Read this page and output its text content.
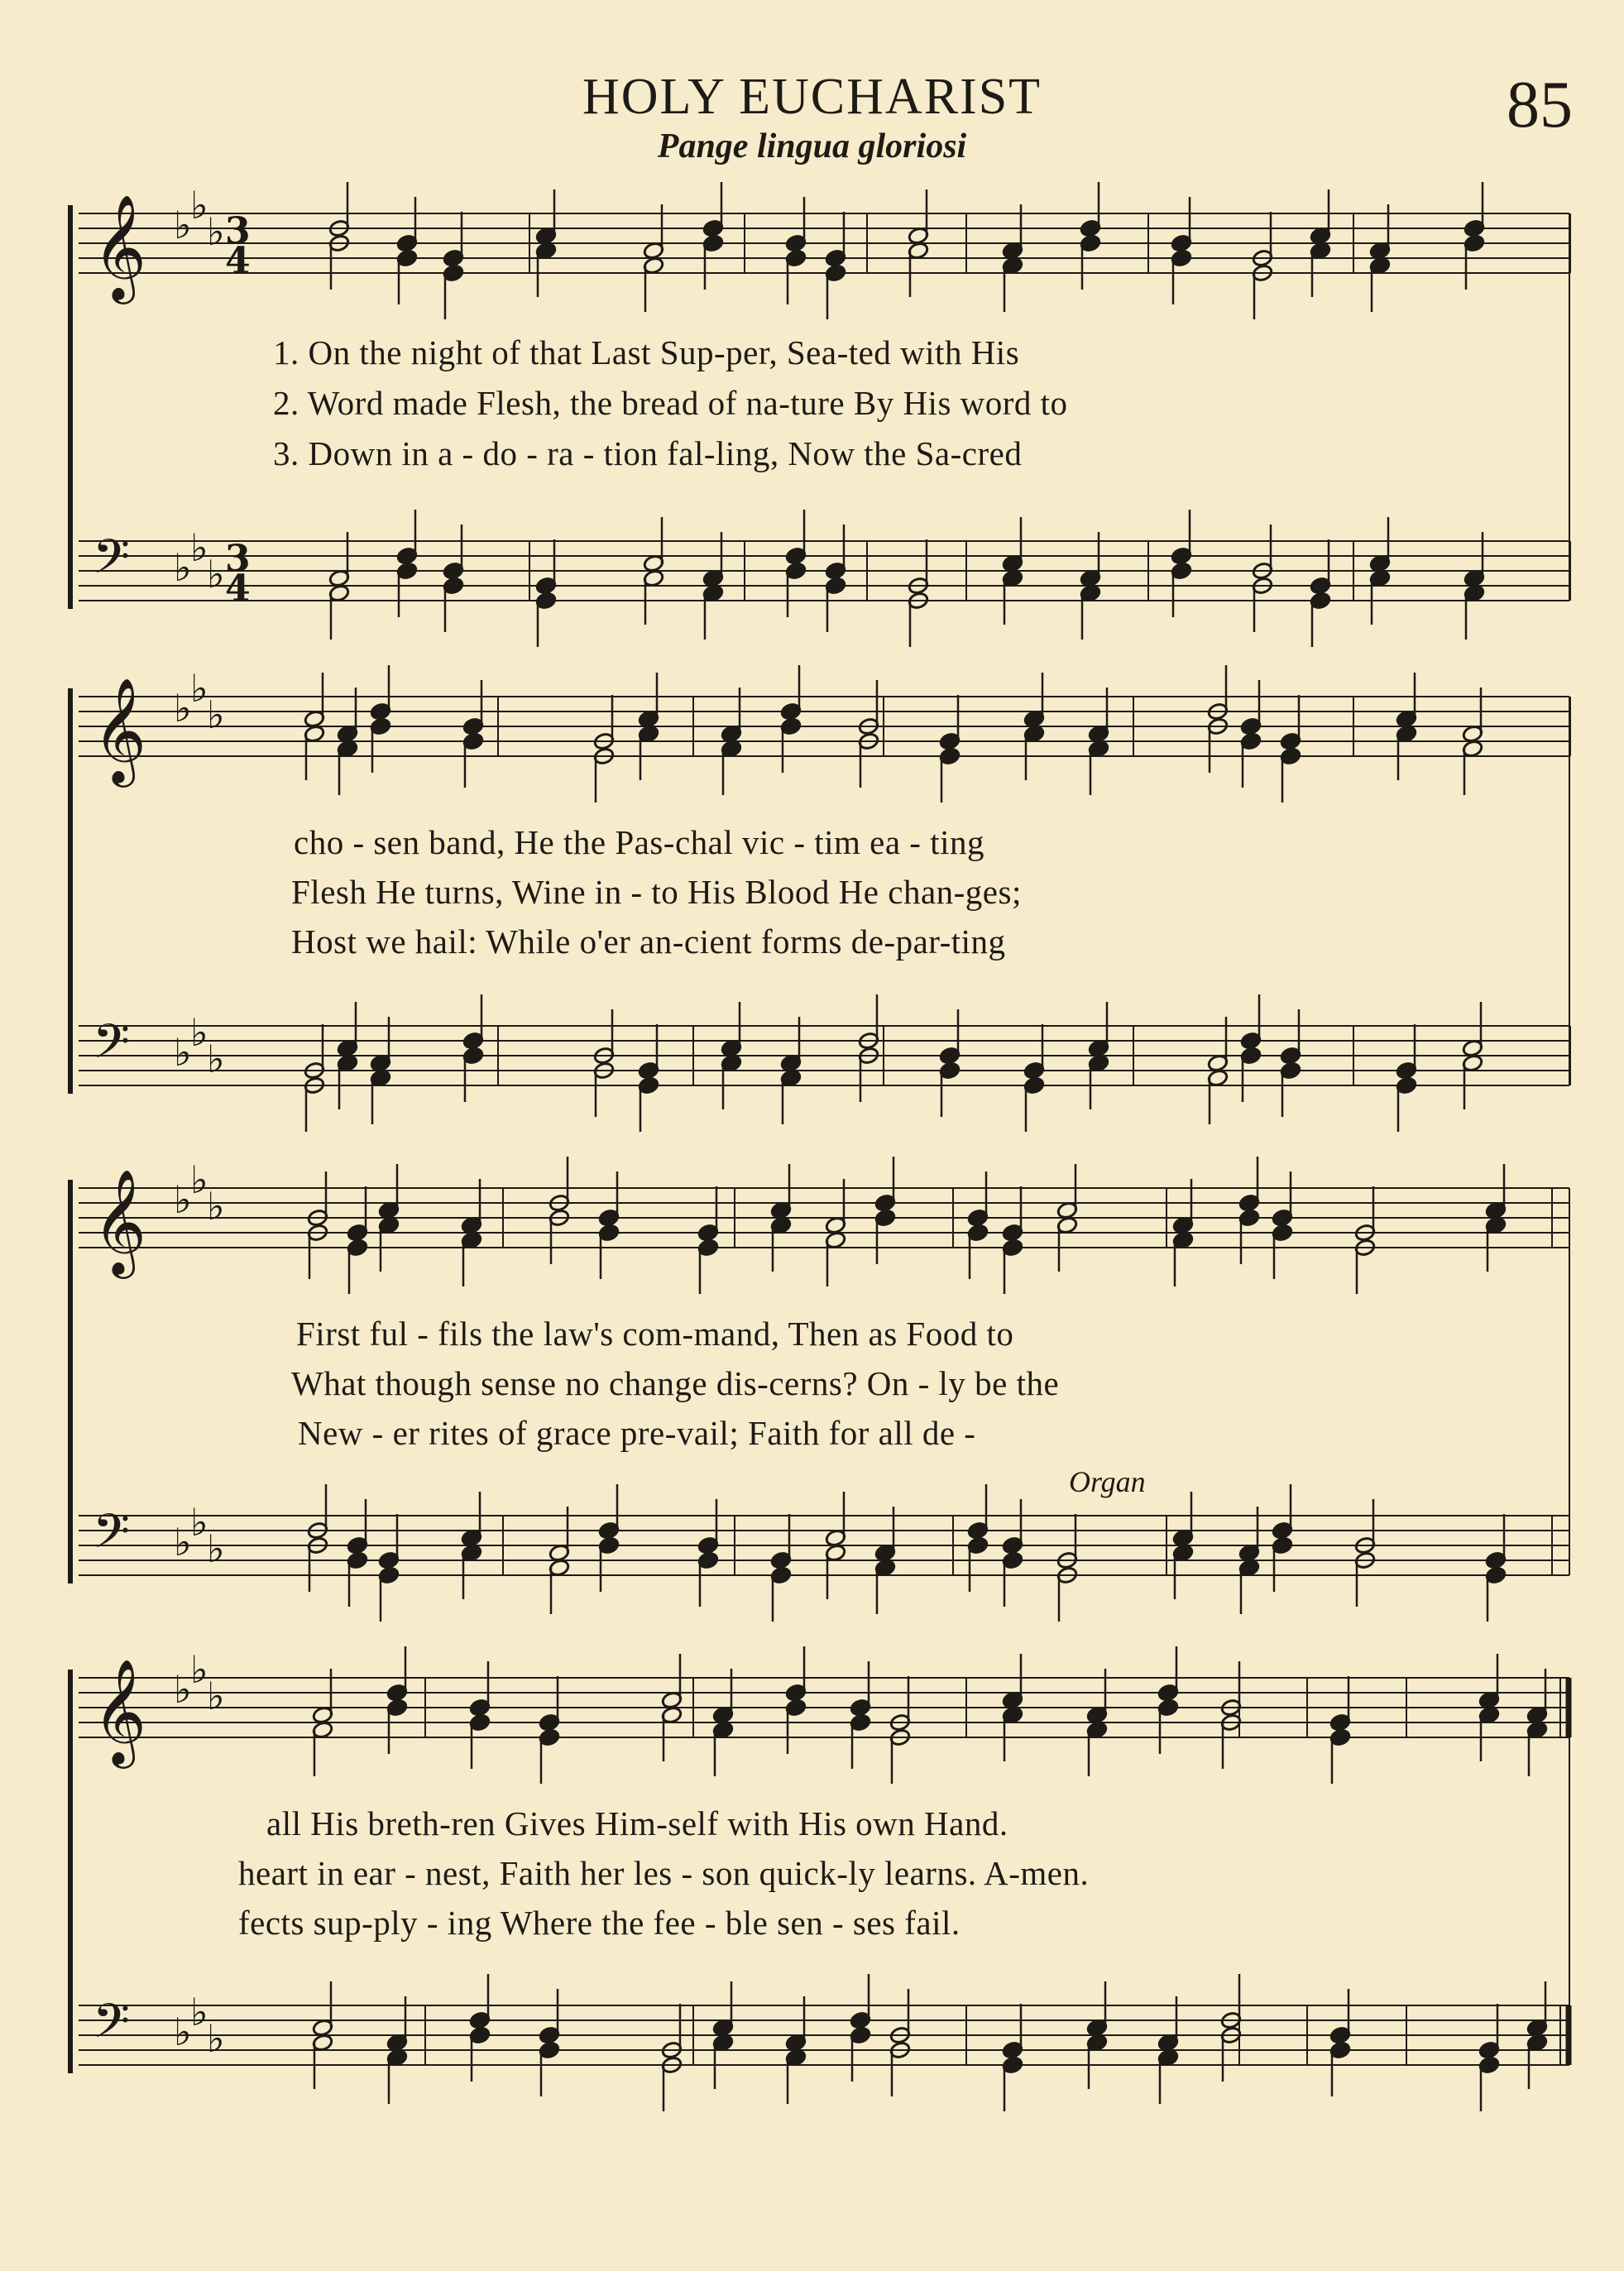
HOLY EUCHARIST
Pange lingua gloriosi
85
𝄞 ♭
♭
♭ 3
4
𝄢 ♭
♭
♭ 3
4
𝄞 ♭
♭
♭
𝄢 ♭
♭
♭
𝄞 ♭
♭
♭
𝄢 ♭
♭
♭
𝄞 ♭
♭
♭
𝄢 ♭
♭
♭
Organ
1. On the night of that Last Sup-per, Sea-ted with His
2. Word made Flesh, the bread of na-ture By His word to
3. Down in a - do - ra - tion fal-ling, Now the Sa-cred
cho - sen band, He the Pas-chal vic - tim ea - ting
Flesh He turns, Wine in - to His Blood He chan-ges;
Host we hail: While o'er an-cient forms de-par-ting
First ful - fils the law's com-mand, Then as Food to
What though sense no change dis-cerns? On - ly be the
New - er rites of grace pre-vail; Faith for all de -
all His breth-ren Gives Him-self with His own Hand.
heart in ear - nest, Faith her les - son quick-ly learns. A-men.
fects sup-ply - ing Where the fee - ble sen - ses fail.
